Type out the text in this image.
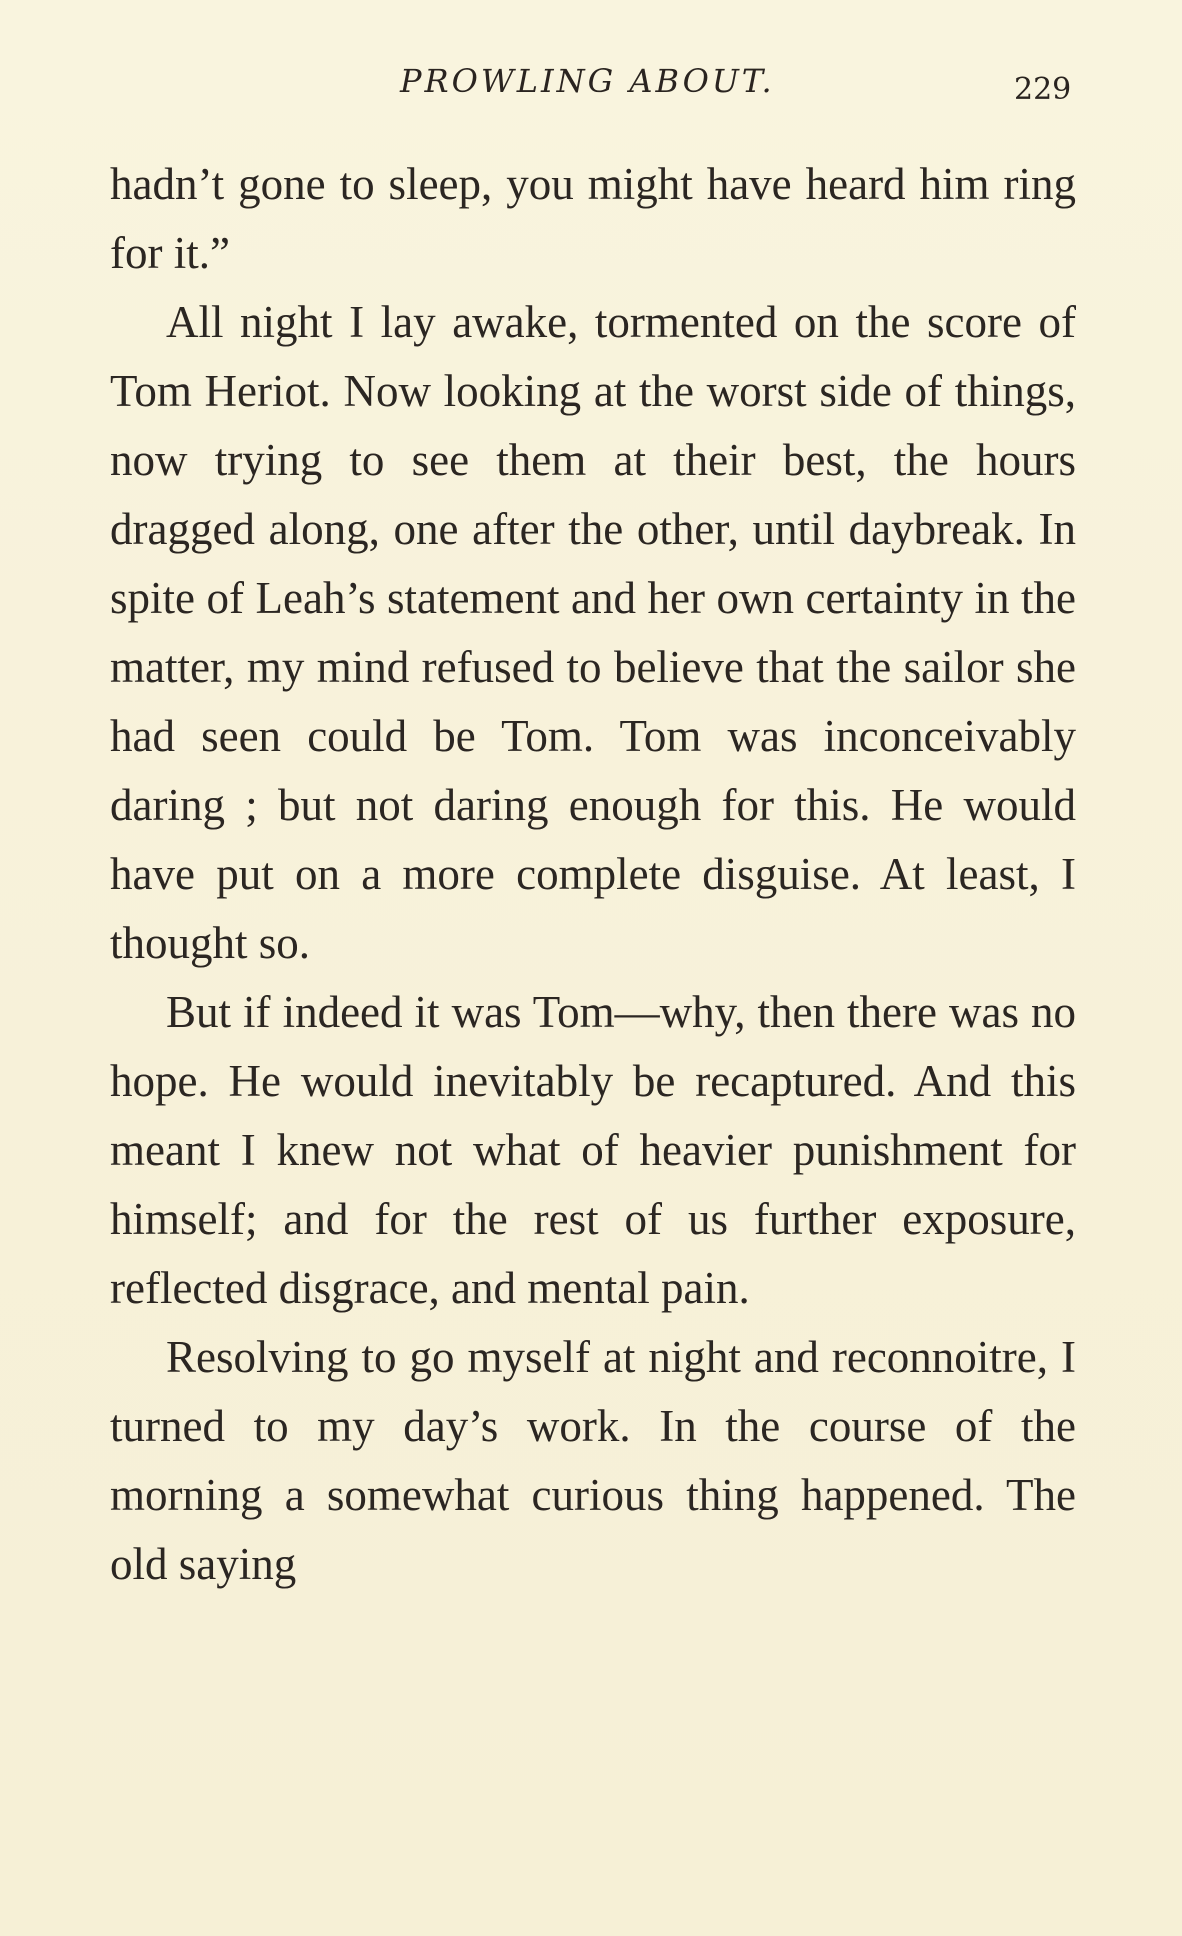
PROWLING ABOUT.	229

hadn’t gone to sleep, you might have heard him ring for it.”

All night I lay awake, tormented on the score of Tom Heriot. Now looking at the worst side of things, now trying to see them at their best, the hours dragged along, one after the other, until daybreak. In spite of Leah’s statement and her own certainty in the matter, my mind refused to believe that the sailor she had seen could be Tom. Tom was inconceivably daring ; but not daring enough for this. He would have put on a more complete disguise. At least, I thought so.

But if indeed it was Tom—why, then there was no hope. He would inevitably be recaptured. And this meant I knew not what of heavier punishment for himself; and for the rest of us further exposure, reflected disgrace, and mental pain.

Resolving to go myself at night and reconnoitre, I turned to my day’s work. In the course of the morning a somewhat curious thing happened. The old saying
